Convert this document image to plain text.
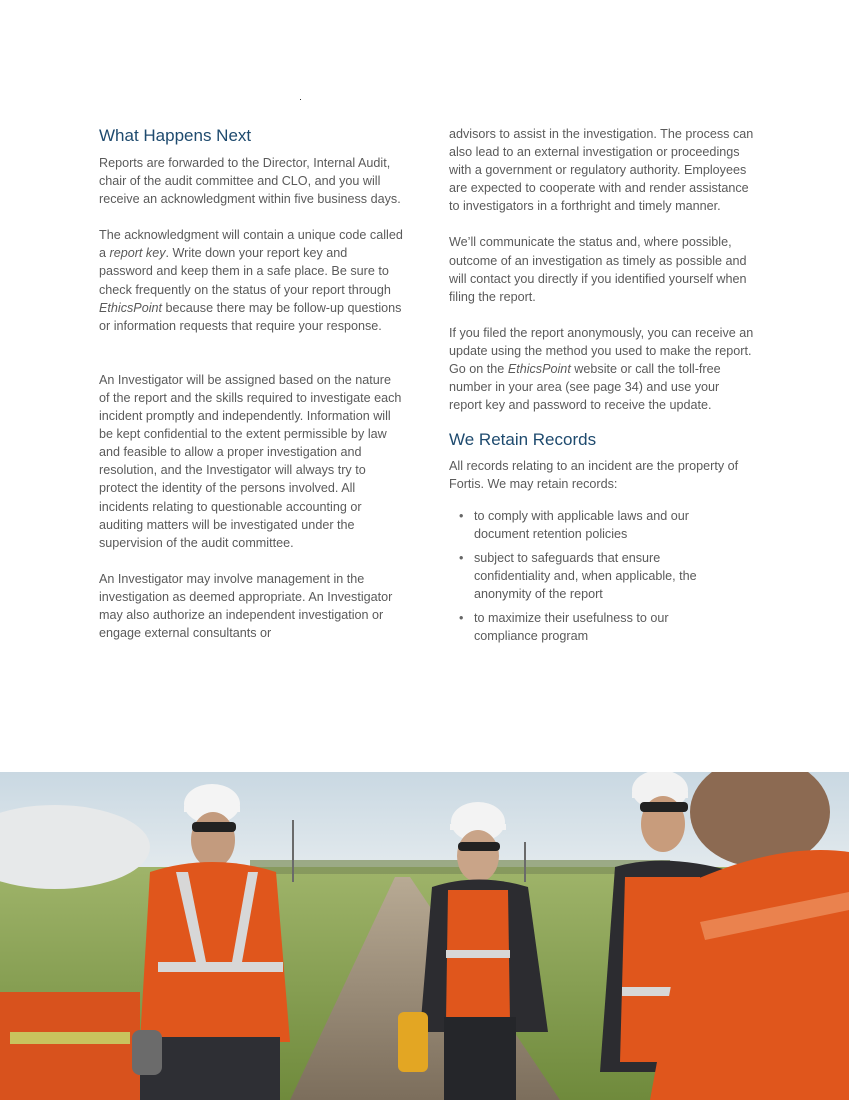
What Happens Next

Reports are forwarded to the Director, Internal Audit, chair of the audit committee and CLO, and you will receive an acknowledgment within five business days.

The acknowledgment will contain a unique code called a report key. Write down your report key and password and keep them in a safe place. Be sure to check frequently on the status of your report through EthicsPoint because there may be follow-up questions or information requests that require your response.

An Investigator will be assigned based on the nature of the report and the skills required to investigate each incident promptly and independently. Information will be kept confidential to the extent permissible by law and feasible to allow a proper investigation and resolution, and the Investigator will always try to protect the identity of the persons involved. All incidents relating to questionable accounting or auditing matters will be investigated under the supervision of the audit committee.

An Investigator may involve management in the investigation as deemed appropriate. An Investigator may also authorize an independent investigation or engage external consultants or

advisors to assist in the investigation. The process can also lead to an external investigation or proceedings with a government or regulatory authority. Employees are expected to cooperate with and render assistance to investigators in a forthright and timely manner.

We’ll communicate the status and, where possible, outcome of an investigation as timely as possible and will contact you directly if you identified yourself when filing the report.

If you filed the report anonymously, you can receive an update using the method you used to make the report. Go on the EthicsPoint website or call the toll-free number in your area (see page 34) and use your report key and password to receive the update.

We Retain Records

All records relating to an incident are the property of Fortis. We may retain records:

• to comply with applicable laws and our document retention policies
• subject to safeguards that ensure confidentiality and, when applicable, the anonymity of the report
• to maximize their usefulness to our compliance program
